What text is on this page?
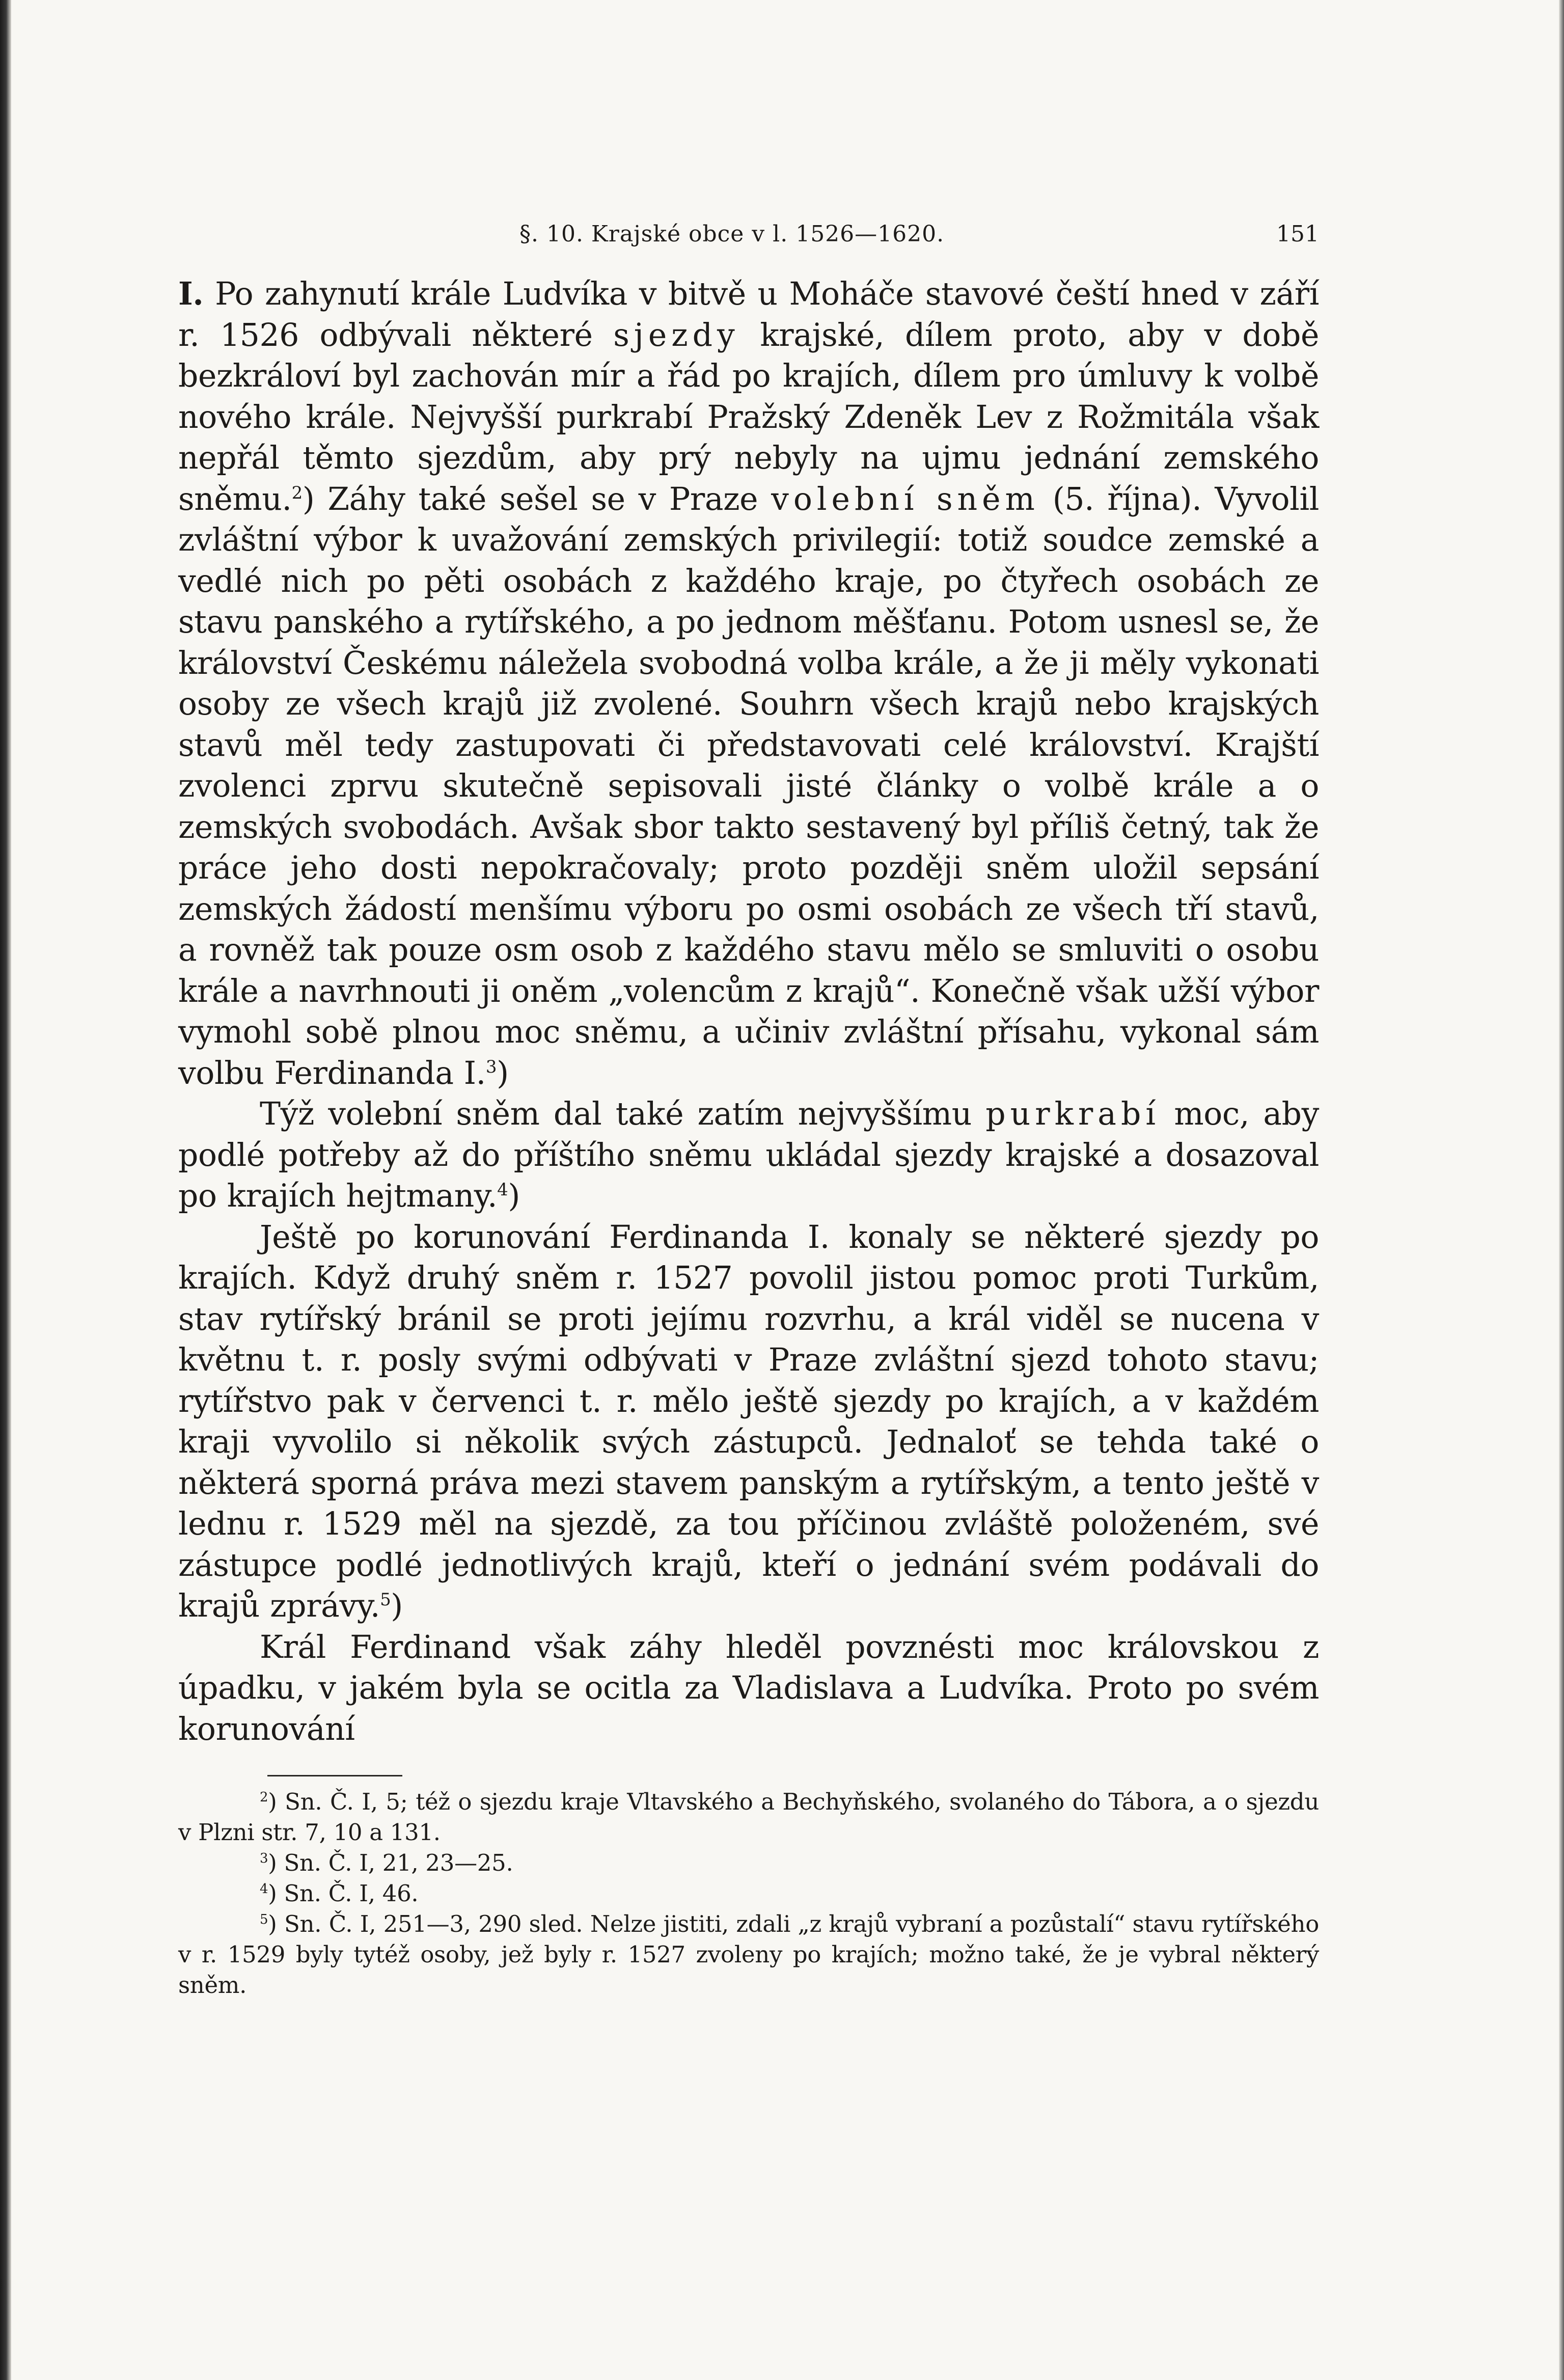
§. 10. Krajské obce v l. 1526—1620.	151

I. Po zahynutí krále Ludvíka v bitvě u Moháče stavové čeští hned v září r. 1526 odbývali některé sjezdy krajské, dílem proto, aby v době bezkráloví byl zachován mír a řád po krajích, dílem pro úmluvy k volbě nového krále. Nejvyšší purkrabí Pražský Zdeněk Lev z Rožmitála však nepřál těmto sjezdům, aby prý nebyly na ujmu jednání zemského sněmu.$^2$) Záhy také sešel se v Praze volební sněm (5. října). Vyvolil zvláštní výbor k uvažování zemských privilegií: totiž soudce zemské a vedlé nich po pěti osobách z každého kraje, po čtyřech osobách ze stavu panského a rytířského, a po jednom měšťanu. Potom usnesl se, že království Českému náležela svobodná volba krále, a že ji měly vykonati osoby ze všech krajů již zvolené. Souhrn všech krajů nebo krajských stavů měl tedy zastupovati či představovati celé království. Krajští zvolenci zprvu skutečně sepisovali jisté články o volbě krále a o zemských svobodách. Avšak sbor takto sestavený byl příliš četný, tak že práce jeho dosti nepokračovaly; proto později sněm uložil sepsání zemských žádostí menšímu výboru po osmi osobách ze všech tří stavů, a rovněž tak pouze osm osob z každého stavu mělo se smluviti o osobu krále a navrhnouti ji oněm „volencům z krajů“. Konečně však užší výbor vymohl sobě plnou moc sněmu, a učiniv zvláštní přísahu, vykonal sám volbu Ferdinanda I.$^3$)

Týž volební sněm dal také zatím nejvyššímu purkrabí moc, aby podlé potřeby až do příštího sněmu ukládal sjezdy krajské a dosazoval po krajích hejtmany.$^4$)

Ještě po korunování Ferdinanda I. konaly se některé sjezdy po krajích. Když druhý sněm r. 1527 povolil jistou pomoc proti Turkům, stav rytířský bránil se proti jejímu rozvrhu, a král viděl se nucena v květnu t. r. posly svými odbývati v Praze zvláštní sjezd tohoto stavu; rytířstvo pak v červenci t. r. mělo ještě sjezdy po krajích, a v každém kraji vyvolilo si několik svých zástupců. Jednaloť se tehda také o některá sporná práva mezi stavem panským a rytířským, a tento ještě v lednu r. 1529 měl na sjezdě, za tou příčinou zvláště položeném, své zástupce podlé jednotlivých krajů, kteří o jednání svém podávali do krajů zprávy.$^5$)

Král Ferdinand však záhy hleděl povznésti moc královskou z úpadku, v jakém byla se ocitla za Vladislava a Ludvíka. Proto po svém korunování

$^2$) Sn. Č. I, 5; též o sjezdu kraje Vltavského a Bechyňského, svolaného do Tábora, a o sjezdu v Plzni str. 7, 10 a 131.

$^3$) Sn. Č. I, 21, 23—25.

$^4$) Sn. Č. I, 46.

$^5$) Sn. Č. I, 251—3, 290 sled. Nelze jistiti, zdali „z krajů vybraní a pozůstalí“ stavu rytířského v r. 1529 byly tytéž osoby, jež byly r. 1527 zvoleny po krajích; možno také, že je vybral některý sněm.
